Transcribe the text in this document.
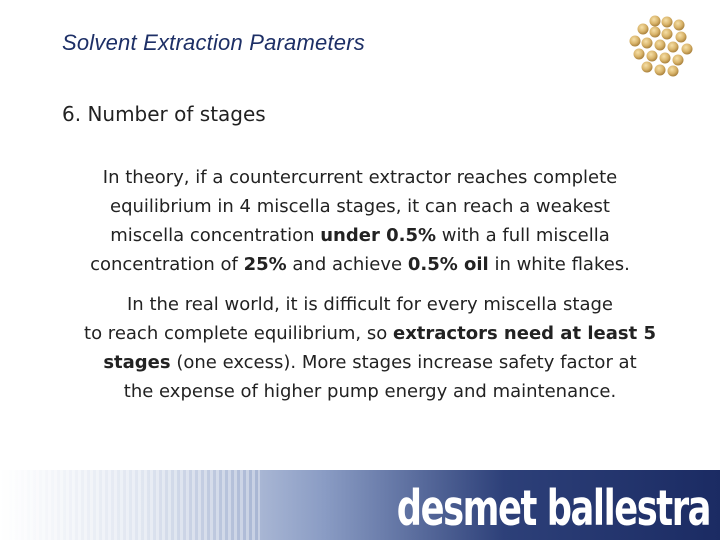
Solvent Extraction Parameters
6. Number of stages
In theory, if a countercurrent extractor reaches complete
equilibrium in 4 miscella stages, it can reach a weakest
miscella concentration under 0.5% with a full miscella
concentration of 25% and achieve 0.5% oil in white flakes.
In the real world, it is difficult for every miscella stage
to reach complete equilibrium, so extractors need at least 5
stages (one excess). More stages increase safety factor at
the expense of higher pump energy and maintenance.
desmet ballestra
